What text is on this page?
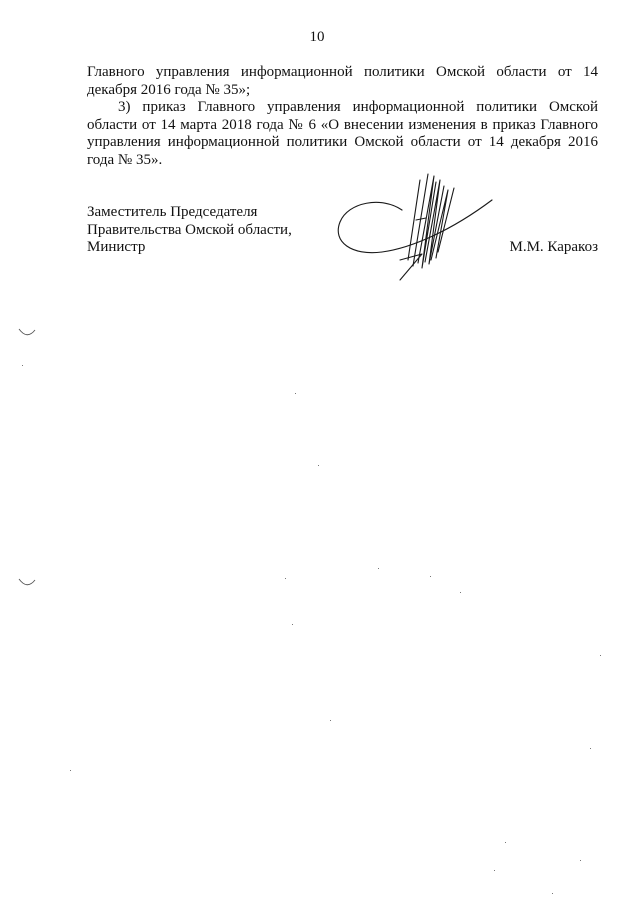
10
Главного управления информационной политики Омской области от 14 декабря 2016 года № 35»;
3) приказ Главного управления информационной политики Омской области от 14 марта 2018 года № 6 «О внесении изменения в приказ Главного управления информационной политики Омской области от 14 декабря 2016 года № 35».
Заместитель Председателя
Правительства Омской области,
Министр	М.М. Каракоз
